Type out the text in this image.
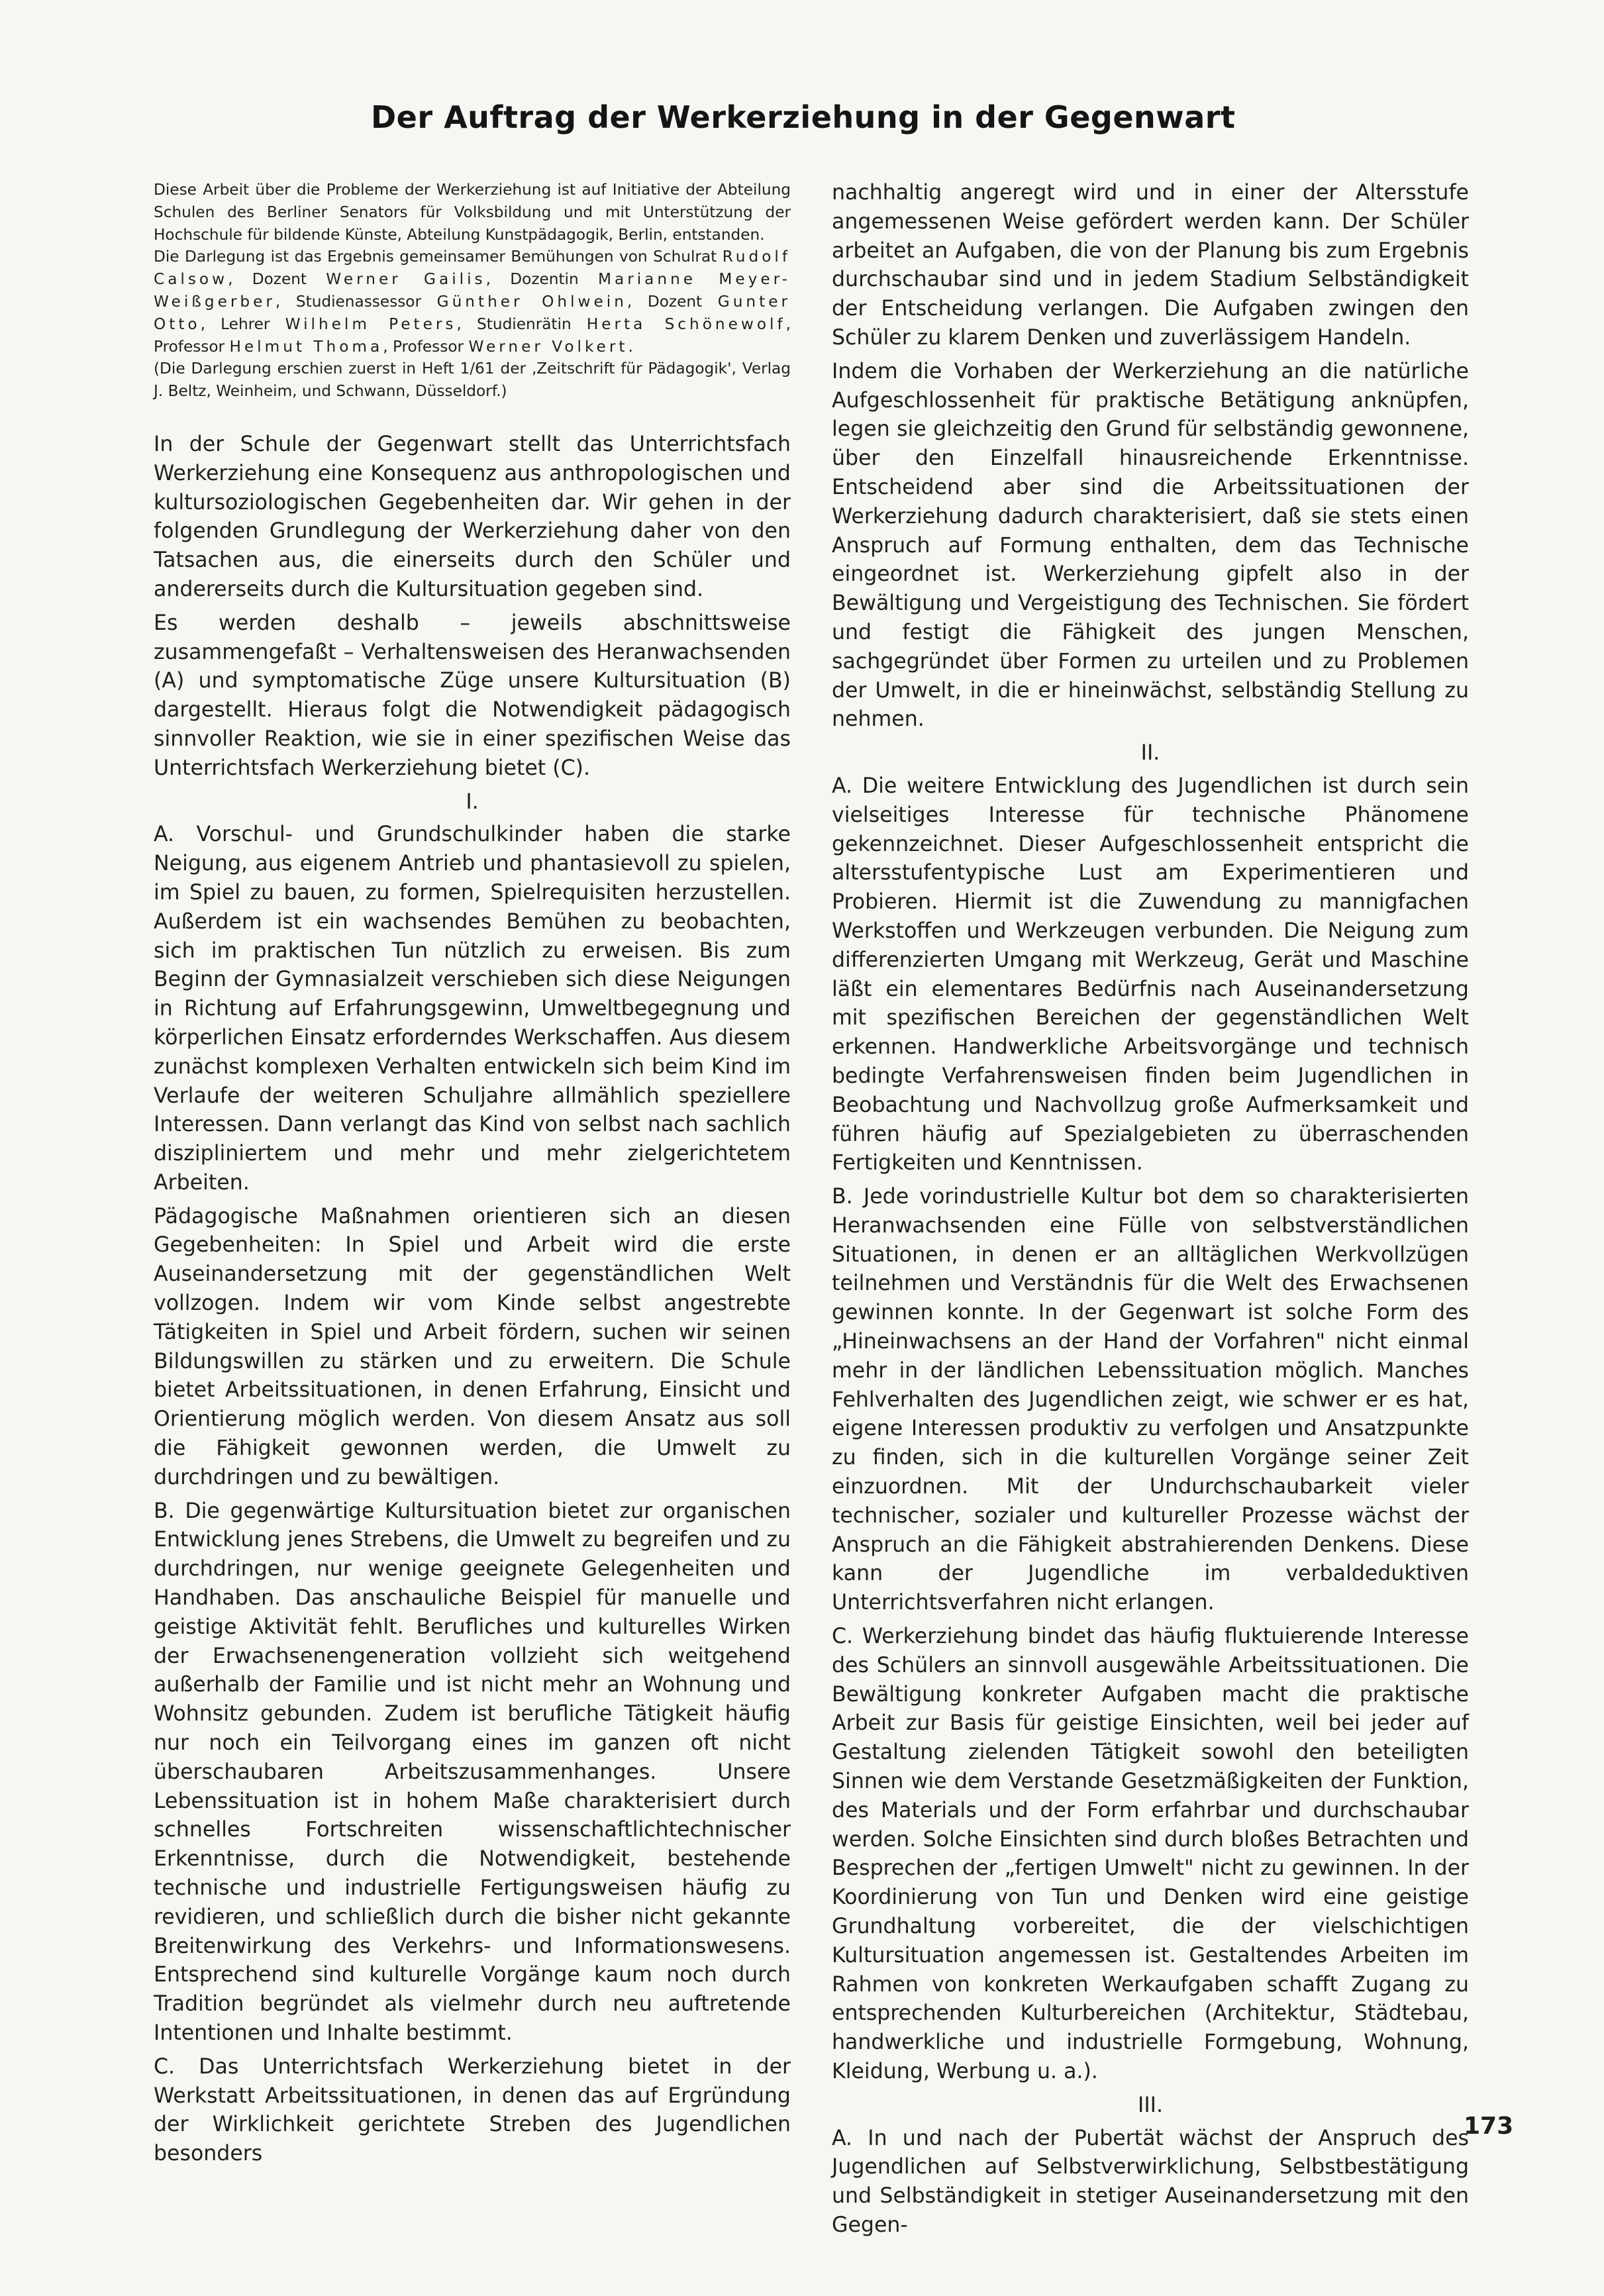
Der Auftrag der Werkerziehung in der Gegenwart

Diese Arbeit über die Probleme der Werkerziehung ist auf Initiative der Abteilung Schulen des Berliner Senators für Volksbildung und mit Unterstützung der Hochschule für bildende Künste, Abteilung Kunstpädagogik, Berlin, entstanden.

Die Darlegung ist das Ergebnis gemeinsamer Bemühungen von Schulrat Rudolf Calsow, Dozent Werner Gailis, Dozentin Marianne Meyer-Weißgerber, Studienassessor Günther Ohlwein, Dozent Gunter Otto, Lehrer Wilhelm Peters, Studienrätin Herta Schönewolf, Professor Helmut Thoma, Professor Werner Volkert.

(Die Darlegung erschien zuerst in Heft 1/61 der ‚Zeitschrift für Pädagogik', Verlag J. Beltz, Weinheim, und Schwann, Düsseldorf.)

In der Schule der Gegenwart stellt das Unterrichtsfach Werkerziehung eine Konsequenz aus anthropologischen und kultursoziologischen Gegebenheiten dar. Wir gehen in der folgenden Grundlegung der Werkerziehung daher von den Tatsachen aus, die einerseits durch den Schüler und andererseits durch die Kultursituation gegeben sind.

Es werden deshalb – jeweils abschnittsweise zusammengefaßt – Verhaltensweisen des Heranwachsenden (A) und symptomatische Züge unsere Kultursituation (B) dargestellt. Hieraus folgt die Notwendigkeit pädagogisch sinnvoller Reaktion, wie sie in einer spezifischen Weise das Unterrichtsfach Werkerziehung bietet (C).

I.

A. Vorschul- und Grundschulkinder haben die starke Neigung, aus eigenem Antrieb und phantasievoll zu spielen, im Spiel zu bauen, zu formen, Spielrequisiten herzustellen. Außerdem ist ein wachsendes Bemühen zu beobachten, sich im praktischen Tun nützlich zu erweisen. Bis zum Beginn der Gymnasialzeit verschieben sich diese Neigungen in Richtung auf Erfahrungsgewinn, Umweltbegegnung und körperlichen Einsatz erforderndes Werkschaffen. Aus diesem zunächst komplexen Verhalten entwickeln sich beim Kind im Verlaufe der weiteren Schuljahre allmählich speziellere Interessen. Dann verlangt das Kind von selbst nach sachlich diszipliniertem und mehr und mehr zielgerichtetem Arbeiten.

Pädagogische Maßnahmen orientieren sich an diesen Gegebenheiten: In Spiel und Arbeit wird die erste Auseinandersetzung mit der gegenständlichen Welt vollzogen. Indem wir vom Kinde selbst angestrebte Tätigkeiten in Spiel und Arbeit fördern, suchen wir seinen Bildungswillen zu stärken und zu erweitern. Die Schule bietet Arbeitssituationen, in denen Erfahrung, Einsicht und Orientierung möglich werden. Von diesem Ansatz aus soll die Fähigkeit gewonnen werden, die Umwelt zu durchdringen und zu bewältigen.

B. Die gegenwärtige Kultursituation bietet zur organischen Entwicklung jenes Strebens, die Umwelt zu begreifen und zu durchdringen, nur wenige geeignete Gelegenheiten und Handhaben. Das anschauliche Beispiel für manuelle und geistige Aktivität fehlt. Berufliches und kulturelles Wirken der Erwachsenengeneration vollzieht sich weitgehend außerhalb der Familie und ist nicht mehr an Wohnung und Wohnsitz gebunden. Zudem ist berufliche Tätigkeit häufig nur noch ein Teilvorgang eines im ganzen oft nicht überschaubaren Arbeitszusammenhanges. Unsere Lebenssituation ist in hohem Maße charakterisiert durch schnelles Fortschreiten wissenschaftlichtechnischer Erkenntnisse, durch die Notwendigkeit, bestehende technische und industrielle Fertigungsweisen häufig zu revidieren, und schließlich durch die bisher nicht gekannte Breitenwirkung des Verkehrs- und Informationswesens. Entsprechend sind kulturelle Vorgänge kaum noch durch Tradition begründet als vielmehr durch neu auftretende Intentionen und Inhalte bestimmt.

C. Das Unterrichtsfach Werkerziehung bietet in der Werkstatt Arbeitssituationen, in denen das auf Ergründung der Wirklichkeit gerichtete Streben des Jugendlichen besonders

nachhaltig angeregt wird und in einer der Altersstufe angemessenen Weise gefördert werden kann. Der Schüler arbeitet an Aufgaben, die von der Planung bis zum Ergebnis durchschaubar sind und in jedem Stadium Selbständigkeit der Entscheidung verlangen. Die Aufgaben zwingen den Schüler zu klarem Denken und zuverlässigem Handeln.

Indem die Vorhaben der Werkerziehung an die natürliche Aufgeschlossenheit für praktische Betätigung anknüpfen, legen sie gleichzeitig den Grund für selbständig gewonnene, über den Einzelfall hinausreichende Erkenntnisse. Entscheidend aber sind die Arbeitssituationen der Werkerziehung dadurch charakterisiert, daß sie stets einen Anspruch auf Formung enthalten, dem das Technische eingeordnet ist. Werkerziehung gipfelt also in der Bewältigung und Vergeistigung des Technischen. Sie fördert und festigt die Fähigkeit des jungen Menschen, sachgegründet über Formen zu urteilen und zu Problemen der Umwelt, in die er hineinwächst, selbständig Stellung zu nehmen.

II.

A. Die weitere Entwicklung des Jugendlichen ist durch sein vielseitiges Interesse für technische Phänomene gekennzeichnet. Dieser Aufgeschlossenheit entspricht die altersstufentypische Lust am Experimentieren und Probieren. Hiermit ist die Zuwendung zu mannigfachen Werkstoffen und Werkzeugen verbunden. Die Neigung zum differenzierten Umgang mit Werkzeug, Gerät und Maschine läßt ein elementares Bedürfnis nach Auseinandersetzung mit spezifischen Bereichen der gegenständlichen Welt erkennen. Handwerkliche Arbeitsvorgänge und technisch bedingte Verfahrensweisen finden beim Jugendlichen in Beobachtung und Nachvollzug große Aufmerksamkeit und führen häufig auf Spezialgebieten zu überraschenden Fertigkeiten und Kenntnissen.

B. Jede vorindustrielle Kultur bot dem so charakterisierten Heranwachsenden eine Fülle von selbstverständlichen Situationen, in denen er an alltäglichen Werkvollzügen teilnehmen und Verständnis für die Welt des Erwachsenen gewinnen konnte. In der Gegenwart ist solche Form des „Hineinwachsens an der Hand der Vorfahren" nicht einmal mehr in der ländlichen Lebenssituation möglich. Manches Fehlverhalten des Jugendlichen zeigt, wie schwer er es hat, eigene Interessen produktiv zu verfolgen und Ansatzpunkte zu finden, sich in die kulturellen Vorgänge seiner Zeit einzuordnen. Mit der Undurchschaubarkeit vieler technischer, sozialer und kultureller Prozesse wächst der Anspruch an die Fähigkeit abstrahierenden Denkens. Diese kann der Jugendliche im verbaldeduktiven Unterrichtsverfahren nicht erlangen.

C. Werkerziehung bindet das häufig fluktuierende Interesse des Schülers an sinnvoll ausgewähle Arbeitssituationen. Die Bewältigung konkreter Aufgaben macht die praktische Arbeit zur Basis für geistige Einsichten, weil bei jeder auf Gestaltung zielenden Tätigkeit sowohl den beteiligten Sinnen wie dem Verstande Gesetzmäßigkeiten der Funktion, des Materials und der Form erfahrbar und durchschaubar werden. Solche Einsichten sind durch bloßes Betrachten und Besprechen der „fertigen Umwelt" nicht zu gewinnen. In der Koordinierung von Tun und Denken wird eine geistige Grundhaltung vorbereitet, die der vielschichtigen Kultursituation angemessen ist. Gestaltendes Arbeiten im Rahmen von konkreten Werkaufgaben schafft Zugang zu entsprechenden Kulturbereichen (Architektur, Städtebau, handwerkliche und industrielle Formgebung, Wohnung, Kleidung, Werbung u. a.).

III.

A. In und nach der Pubertät wächst der Anspruch des Jugendlichen auf Selbstverwirklichung, Selbstbestätigung und Selbständigkeit in stetiger Auseinandersetzung mit den Gegen-

173
